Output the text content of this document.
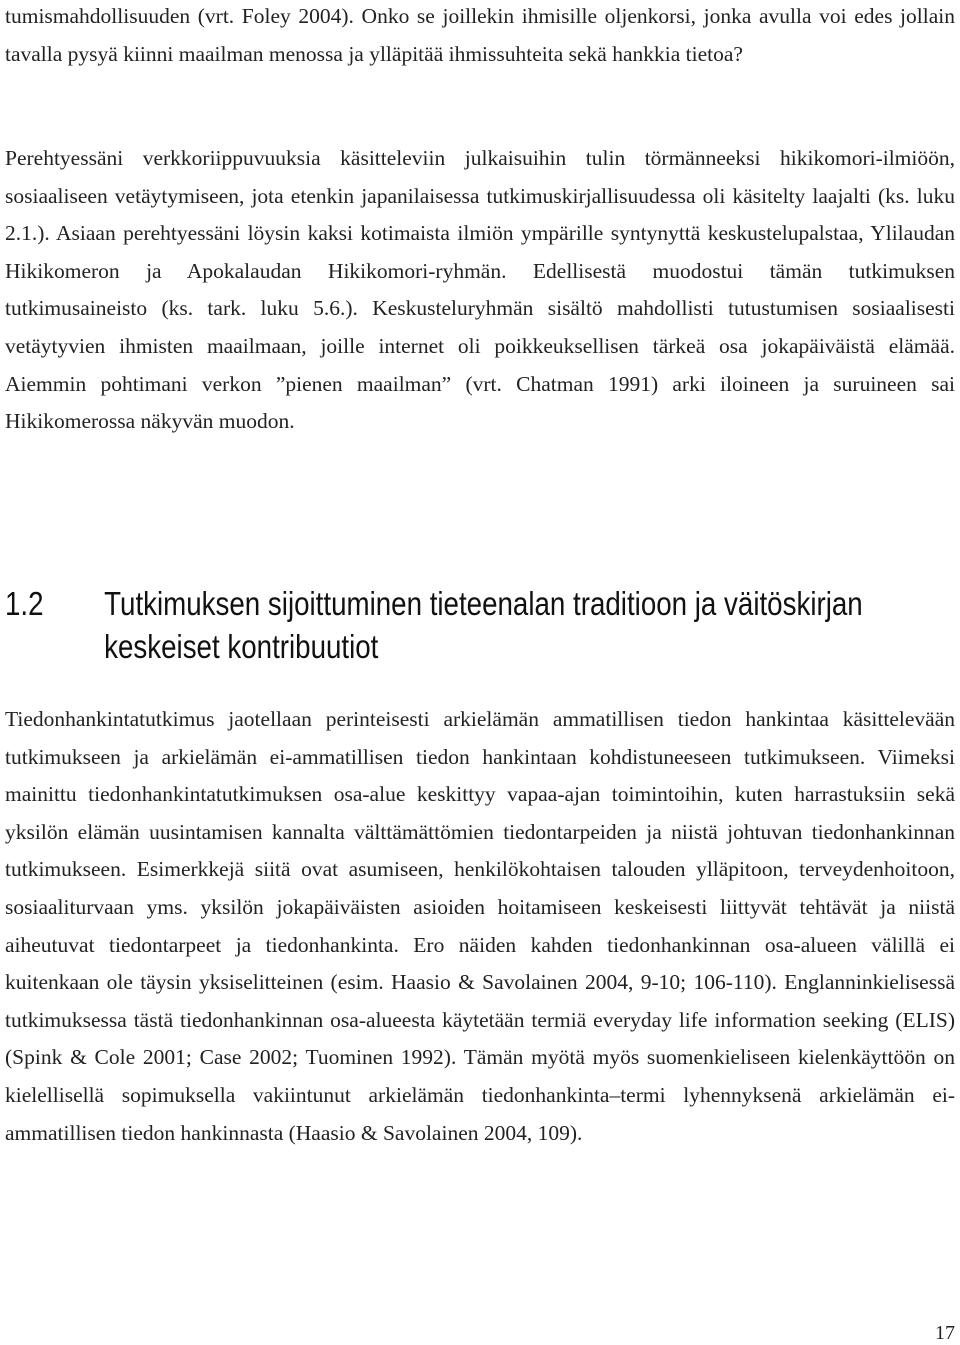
tumismahdollisuuden (vrt. Foley 2004). Onko se joillekin ihmisille oljenkorsi, jonka avulla voi edes jollain tavalla pysyä kiinni maailman menossa ja ylläpitää ihmissuhteita sekä hankkia tietoa?

Perehtyessäni verkkoriippuvuuksia käsitteleviin julkaisuihin tulin törmänneeksi hikikomori-ilmiöön, sosiaaliseen vetäytymiseen, jota etenkin japanilaisessa tutkimuskirjallisuudessa oli käsitelty laajalti (ks. luku 2.1.). Asiaan perehtyessäni löysin kaksi kotimaista ilmiön ympärille syntynyttä keskustelupalstaa, Ylilaudan Hikikomeron ja Apokalaudan Hikikomori-ryhmän. Edellisestä muodostui tämän tutkimuksen tutkimusaineisto (ks. tark. luku 5.6.). Keskusteluryhmän sisältö mahdollisti tutustumisen sosiaalisesti vetäytyvien ihmisten maailmaan, joille internet oli poikkeuksellisen tärkeä osa jokapäiväistä elämää. Aiemmin pohtimani verkon ”pienen maailman” (vrt. Chatman 1991) arki iloineen ja suruineen sai Hikikomerossa näkyvän muodon.

1.2 Tutkimuksen sijoittuminen tieteenalan traditioon ja väitöskirjan
keskeiset kontribuutiot

Tiedonhankintatutkimus jaotellaan perinteisesti arkielämän ammatillisen tiedon hankintaa käsittelevään tutkimukseen ja arkielämän ei-ammatillisen tiedon hankintaan kohdistuneeseen tutkimukseen. Viimeksi mainittu tiedonhankintatutkimuksen osa-alue keskittyy vapaa-ajan toimintoihin, kuten harrastuksiin sekä yksilön elämän uusintamisen kannalta välttämättömien tiedontarpeiden ja niistä johtuvan tiedonhankinnan tutkimukseen. Esimerkkejä siitä ovat asumiseen, henkilökohtaisen talouden ylläpitoon, terveydenhoitoon, sosiaaliturvaan yms. yksilön jokapäiväisten asioiden hoitamiseen keskeisesti liittyvät tehtävät ja niistä aiheutuvat tiedontarpeet ja tiedonhankinta. Ero näiden kahden tiedonhankinnan osa-alueen välillä ei kuitenkaan ole täysin yksiselitteinen (esim. Haasio & Savolainen 2004, 9-10; 106-110). Englanninkielisessä tutkimuksessa tästä tiedonhankinnan osa-alueesta käytetään termiä everyday life information seeking (ELIS) (Spink & Cole 2001; Case 2002; Tuominen 1992). Tämän myötä myös suomenkieliseen kielenkäyttöön on kielellisellä sopimuksella vakiintunut arkielämän tiedonhankinta–termi lyhennyksenä arkielämän ei-ammatillisen tiedon hankinnasta (Haasio & Savolainen 2004, 109).

17
